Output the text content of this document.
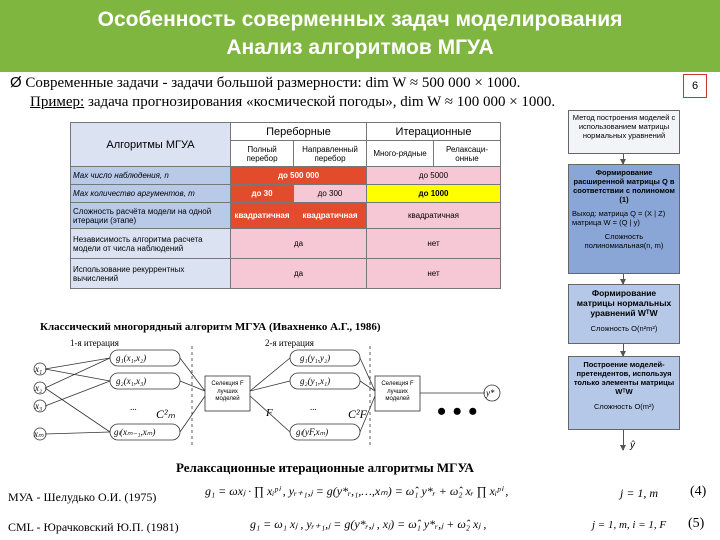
Особенность соверменных задач моделирования
Анализ алгоритмов МГУА
6
Ø Современные задачи - задачи большой размерности: dim W ≈ 500 000 × 1000.
Пример: задача прогнозирования «космической погоды», dim W ≈ 100 000 × 1000.
Алгоритмы МГУА	Переборные		Итерационные	
	Полный перебор	Направленный перебор	Много-рядные	Релаксаци-онные
Мах число наблюдения, n	до 500 000		до 5000	
Мах количество аргументов, m	до 30	до 300	до 1000	
Сложность расчёта модели на одной итерации (этапе)	квадратичная	квадратичная	квадратичная	
Независимость алгоритма расчета модели от числа наблюдений	да		нет	
Использование рекуррентных вычислений	да		нет	
Метод построения моделей с использованием матрицы нормальных уравнений
Формирование расширенной матрицы Q в соответствии с полиномом (1)
Выход: матрица Q = (X | Z) матрица W = (Q | y)
Сложность полиномиальная(n, m)
Формирование матрицы нормальных уравнений WᵀW
Сложность O(n²m²)
Построение моделей-претендентов, используя только элементы матрицы WᵀW
Сложность O(m²)
ŷ
Классический многорядный алгоритм МГУА (Ивахненко А.Г., 1986)
1-я итерация	2-я итерация
x₁
x₂
x₃
xₘ
g₁(x₁,x₂)
g₂(x₁,x₃)
gₗ(xₘ₋₁,xₘ)
...	...
C²ₘ	C²F
F
y*
g₁(y₁,y₂)
g₂(y₁,x₁)
gₗ(yF,xₘ)
Селекция F лучших моделей
Селекция F лучших моделей	• • •
Релаксационные итерационные алгоритмы МГУА
МУА - Шелудько О.И. (1975)	g₁ = ωxⱼ · ∏ xᵢᵖⁱ , yᵣ₊₁,ⱼ = g(y*ᵣ,₁,…,xₘ) = ω̂₁ y*ᵣ + ω̂₂ xᵣ ∏ xᵢᵖⁱ ,	j = 1, m (4)
CML - Юрачковский Ю.П. (1981)	g₁ = ω₁ xⱼ , yᵣ₊₁,ⱼ = g(y*ᵣ,ⱼ , xⱼ) = ω̂₁ y*ᵣ,ⱼ + ω̂₂ xⱼ ,	j = 1, m, i = 1, F (5)
